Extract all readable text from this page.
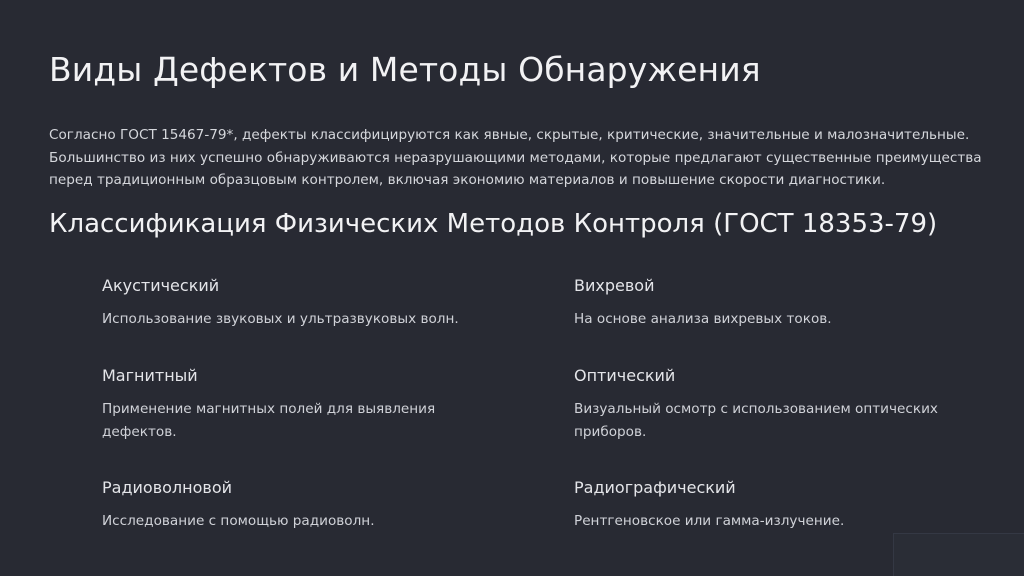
Виды Дефектов и Методы Обнаружения

Согласно ГОСТ 15467-79*, дефекты классифицируются как явные, скрытые, критические, значительные и малозначительные. Большинство из них успешно обнаруживаются неразрушающими методами, которые предлагают существенные преимущества перед традиционным образцовым контролем, включая экономию материалов и повышение скорости диагностики.

Классификация Физических Методов Контроля (ГОСТ 18353-79)
Акустический

Использование звуковых и ультразвуковых волн.

Вихревой

На основе анализа вихревых токов.

Магнитный

Применение магнитных полей для выявления дефектов.

Оптический

Визуальный осмотр с использованием оптических приборов.

Радиоволновой

Исследование с помощью радиоволн.

Радиографический

Рентгеновское или гамма-излучение.
